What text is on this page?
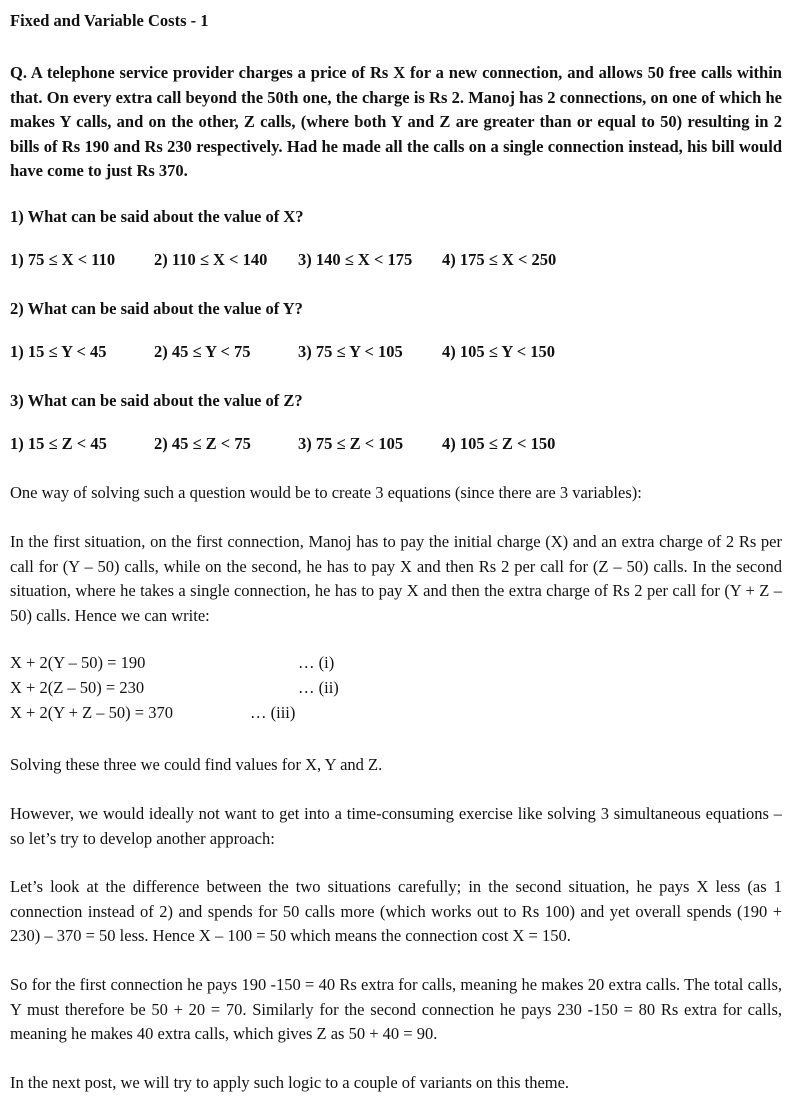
Fixed and Variable Costs - 1
Q. A telephone service provider charges a price of Rs X for a new connection, and allows 50 free calls within that. On every extra call beyond the 50th one, the charge is Rs 2. Manoj has 2 connections, on one of which he makes Y calls, and on the other, Z calls, (where both Y and Z are greater than or equal to 50) resulting in 2 bills of Rs 190 and Rs 230 respectively. Had he made all the calls on a single connection instead, his bill would have come to just Rs 370.
1) What can be said about the value of X?
1) 75 ≤ X < 110 2) 110 ≤ X < 140 3) 140 ≤ X < 175 4) 175 ≤ X < 250
2) What can be said about the value of Y?
1) 15 ≤ Y < 45	2) 45 ≤ Y < 75	3) 75 ≤ Y < 105 4) 105 ≤ Y < 150
3) What can be said about the value of Z?
1) 15 ≤ Z < 45	2) 45 ≤ Z < 75	3) 75 ≤ Z < 105 4) 105 ≤ Z < 150
One way of solving such a question would be to create 3 equations (since there are 3 variables):
In the first situation, on the first connection, Manoj has to pay the initial charge (X) and an extra charge of 2 Rs per call for (Y – 50) calls, while on the second, he has to pay X and then Rs 2 per call for (Z – 50) calls. In the second situation, where he takes a single connection, he has to pay X and then the extra charge of Rs 2 per call for (Y + Z – 50) calls. Hence we can write:
X + 2(Y – 50) = 190	… (i)
X + 2(Z – 50) = 230	… (ii)
X + 2(Y + Z – 50) = 370	… (iii)
Solving these three we could find values for X, Y and Z.
However, we would ideally not want to get into a time-consuming exercise like solving 3 simultaneous equations – so let’s try to develop another approach:
Let’s look at the difference between the two situations carefully; in the second situation, he pays X less (as 1 connection instead of 2) and spends for 50 calls more (which works out to Rs 100) and yet overall spends (190 + 230) – 370 = 50 less. Hence X – 100 = 50 which means the connection cost X = 150.
So for the first connection he pays 190 -150 = 40 Rs extra for calls, meaning he makes 20 extra calls. The total calls, Y must therefore be 50 + 20 = 70. Similarly for the second connection he pays 230 -150 = 80 Rs extra for calls, meaning he makes 40 extra calls, which gives Z as 50 + 40 = 90.
In the next post, we will try to apply such logic to a couple of variants on this theme.
